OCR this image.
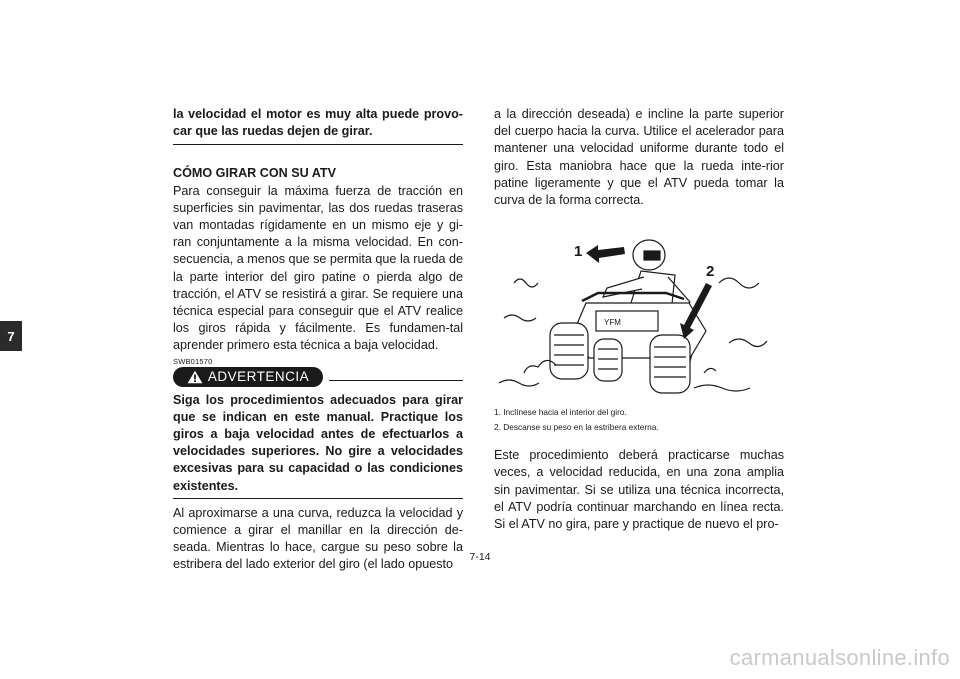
7

la velocidad el motor es muy alta puede provo-car que las ruedas dejen de girar.

CÓMO GIRAR CON SU ATV

Para conseguir la máxima fuerza de tracción en superficies sin pavimentar, las dos ruedas traseras van montadas rígidamente en un mismo eje y gi-ran conjuntamente a la misma velocidad. En con-secuencia, a menos que se permita que la rueda de la parte interior del giro patine o pierda algo de tracción, el ATV se resistirá a girar. Se requiere una técnica especial para conseguir que el ATV realice los giros rápida y fácilmente. Es fundamen-tal aprender primero esta técnica a baja velocidad.

SWB01570
ADVERTENCIA

Siga los procedimientos adecuados para girar que se indican en este manual. Practique los giros a baja velocidad antes de efectuarlos a velocidades superiores. No gire a velocidades excesivas para su capacidad o las condiciones existentes.

Al aproximarse a una curva, reduzca la velocidad y comience a girar el manillar en la dirección de-seada. Mientras lo hace, cargue su peso sobre la estribera del lado exterior del giro (el lado opuesto

a la dirección deseada) e incline la parte superior del cuerpo hacia la curva. Utilice el acelerador para mantener una velocidad uniforme durante todo el giro. Esta maniobra hace que la rueda inte-rior patine ligeramente y que el ATV pueda tomar la curva de la forma correcta.

YFM
1
2
1. Inclínese hacia el interior del giro.
2. Descanse su peso en la estribera externa.

Este procedimiento deberá practicarse muchas veces, a velocidad reducida, en una zona amplia sin pavimentar. Si se utiliza una técnica incorrecta, el ATV podría continuar marchando en línea recta. Si el ATV no gira, pare y practique de nuevo el pro-

7-14
carmanualsonline.info
